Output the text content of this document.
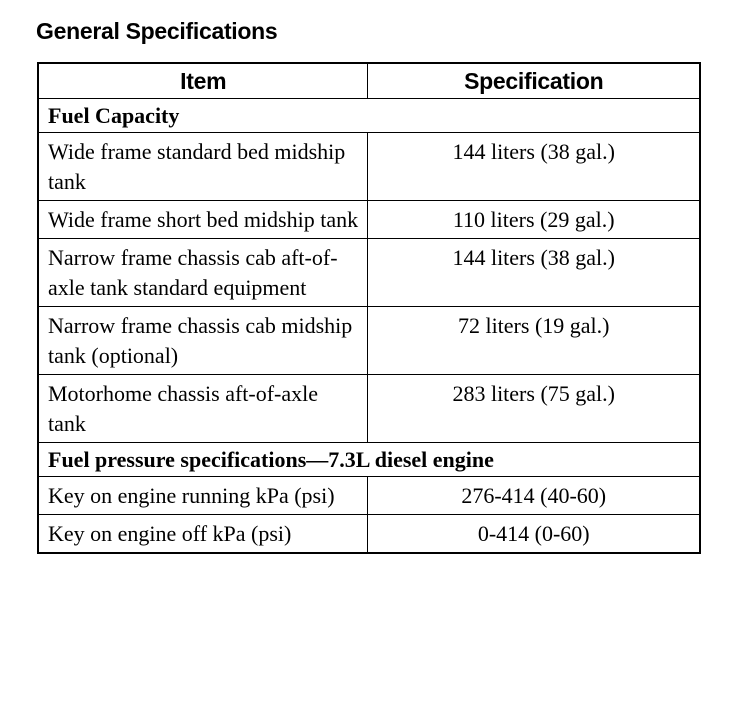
General Specifications
Item	Specification
Fuel Capacity	
Wide frame standard bed midship tank	144 liters (38 gal.)
Wide frame short bed midship tank	110 liters (29 gal.)
Narrow frame chassis cab aft-of-axle tank standard equipment	144 liters (38 gal.)
Narrow frame chassis cab midship tank (optional)	72 liters (19 gal.)
Motorhome chassis aft-of-axle tank	283 liters (75 gal.)
Fuel pressure specifications—7.3L diesel engine	
Key on engine running kPa (psi)	276-414 (40-60)
Key on engine off kPa (psi)	0-414 (0-60)
